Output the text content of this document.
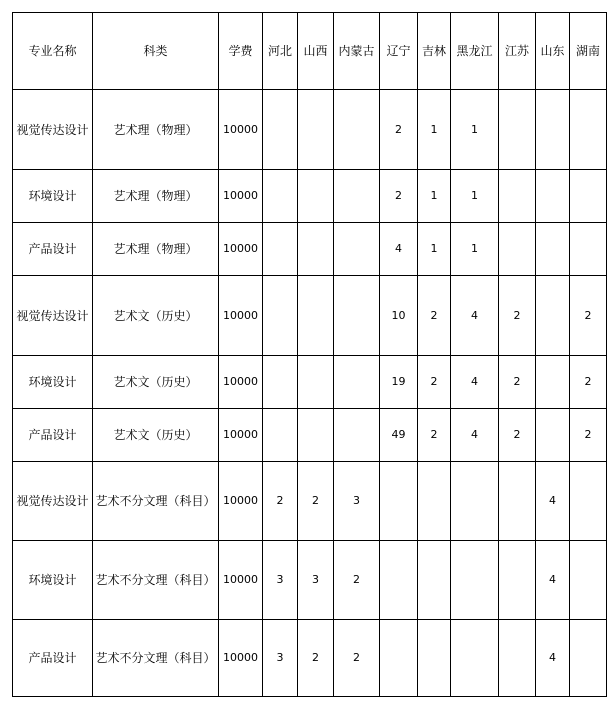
专业名称	科类	学费	河北	山西	内蒙古	辽宁	吉林	黑龙江	江苏	山东	湖南
视觉传达设计	艺术理（物理）	10000				2	1	1			
环境设计	艺术理（物理）	10000				2	1	1			
产品设计	艺术理（物理）	10000				4	1	1			
视觉传达设计	艺术文（历史）	10000				10	2	4	2		2
环境设计	艺术文（历史）	10000				19	2	4	2		2
产品设计	艺术文（历史）	10000				49	2	4	2		2
视觉传达设计	艺术不分文理（科目）	10000	2	2	3					4	
环境设计	艺术不分文理（科目）	10000	3	3	2					4	
产品设计	艺术不分文理（科目）	10000	3	2	2					4	
